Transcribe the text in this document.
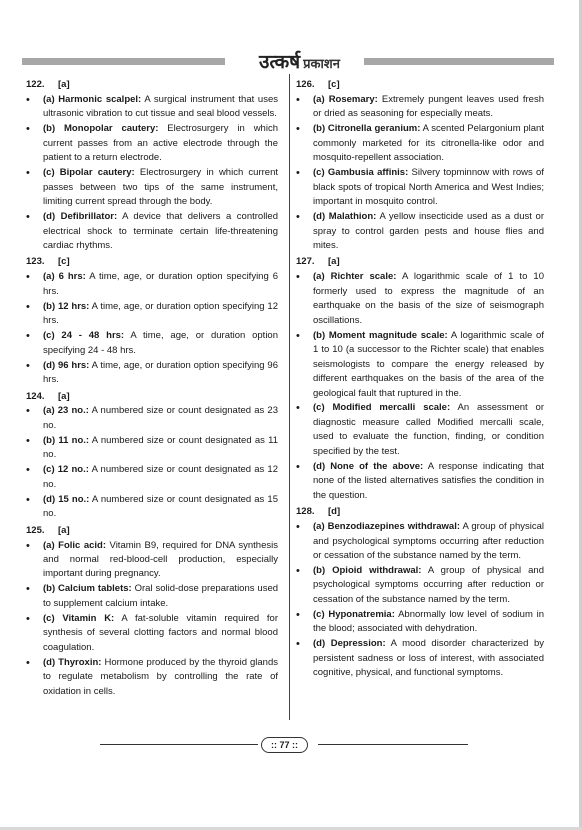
उत्कर्ष प्रकाशन
122.	[a]
• (a) Harmonic scalpel: A surgical instrument that uses ultrasonic vibration to cut tissue and seal blood vessels.
• (b) Monopolar cautery: Electrosurgery in which current passes from an active electrode through the patient to a return electrode.
• (c) Bipolar cautery: Electrosurgery in which current passes between two tips of the same instrument, limiting current spread through the body.
• (d) Defibrillator: A device that delivers a controlled electrical shock to terminate certain life-threatening cardiac rhythms.
123.	[c]
• (a) 6 hrs: A time, age, or duration option specifying 6 hrs.
• (b) 12 hrs: A time, age, or duration option specifying 12 hrs.
• (c) 24 - 48 hrs: A time, age, or duration option specifying 24 - 48 hrs.
• (d) 96 hrs: A time, age, or duration option specifying 96 hrs.
124.	[a]
• (a) 23 no.: A numbered size or count designated as 23 no.
• (b) 11 no.: A numbered size or count designated as 11 no.
• (c) 12 no.: A numbered size or count designated as 12 no.
• (d) 15 no.: A numbered size or count designated as 15 no.
125.	[a]
• (a) Folic acid: Vitamin B9, required for DNA synthesis and normal red-blood-cell production, especially important during pregnancy.
• (b) Calcium tablets: Oral solid-dose preparations used to supplement calcium intake.
• (c) Vitamin K: A fat-soluble vitamin required for synthesis of several clotting factors and normal blood coagulation.
• (d) Thyroxin: Hormone produced by the thyroid glands to regulate metabolism by controlling the rate of oxidation in cells.
126.	[c]
• (a) Rosemary: Extremely pungent leaves used fresh or dried as seasoning for especially meats.
• (b) Citronella geranium: A scented Pelargonium plant commonly marketed for its citronella-like odor and mosquito-repellent association.
• (c) Gambusia affinis: Silvery topminnow with rows of black spots of tropical North America and West Indies; important in mosquito control.
• (d) Malathion: A yellow insecticide used as a dust or spray to control garden pests and house flies and mites.
127.	[a]
• (a) Richter scale: A logarithmic scale of 1 to 10 formerly used to express the magnitude of an earthquake on the basis of the size of seismograph oscillations.
• (b) Moment magnitude scale: A logarithmic scale of 1 to 10 (a successor to the Richter scale) that enables seismologists to compare the energy released by different earthquakes on the basis of the area of the geological fault that ruptured in the.
• (c) Modified mercalli scale: An assessment or diagnostic measure called Modified mercalli scale, used to evaluate the function, finding, or condition specified by the test.
• (d) None of the above: A response indicating that none of the listed alternatives satisfies the condition in the question.
128.	[d]
• (a) Benzodiazepines withdrawal: A group of physical and psychological symptoms occurring after reduction or cessation of the substance named by the term.
• (b) Opioid withdrawal: A group of physical and psychological symptoms occurring after reduction or cessation of the substance named by the term.
• (c) Hyponatremia: Abnormally low level of sodium in the blood; associated with dehydration.
• (d) Depression: A mood disorder characterized by persistent sadness or loss of interest, with associated cognitive, physical, and functional symptoms.
:: 77 ::
